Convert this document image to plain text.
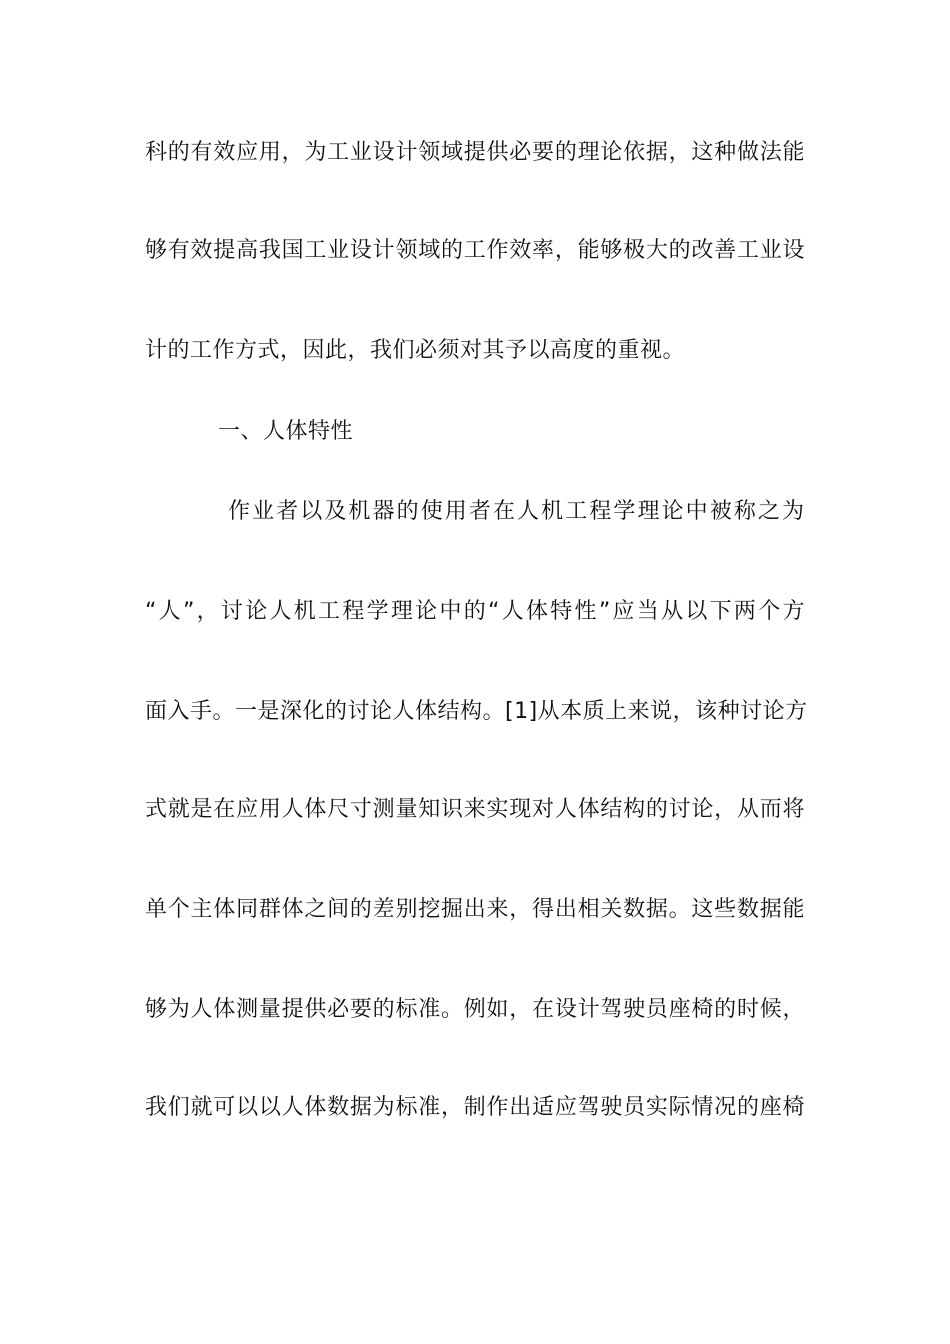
科的有效应用，为工业设计领域提供必要的理论依据，这种做法能
够有效提高我国工业设计领域的工作效率，能够极大的改善工业设
计的工作方式，因此，我们必须对其予以高度的重视。
一、人体特性
作业者以及机器的使用者在人机工程学理论中被称之为
“人”，讨论人机工程学理论中的“人体特性”应当从以下两个方
面入手。一是深化的讨论人体结构。[1]从本质上来说，该种讨论方
式就是在应用人体尺寸测量知识来实现对人体结构的讨论，从而将
单个主体同群体之间的差别挖掘出来，得出相关数据。这些数据能
够为人体测量提供必要的标准。例如，在设计驾驶员座椅的时候，
我们就可以以人体数据为标准，制作出适应驾驶员实际情况的座椅
